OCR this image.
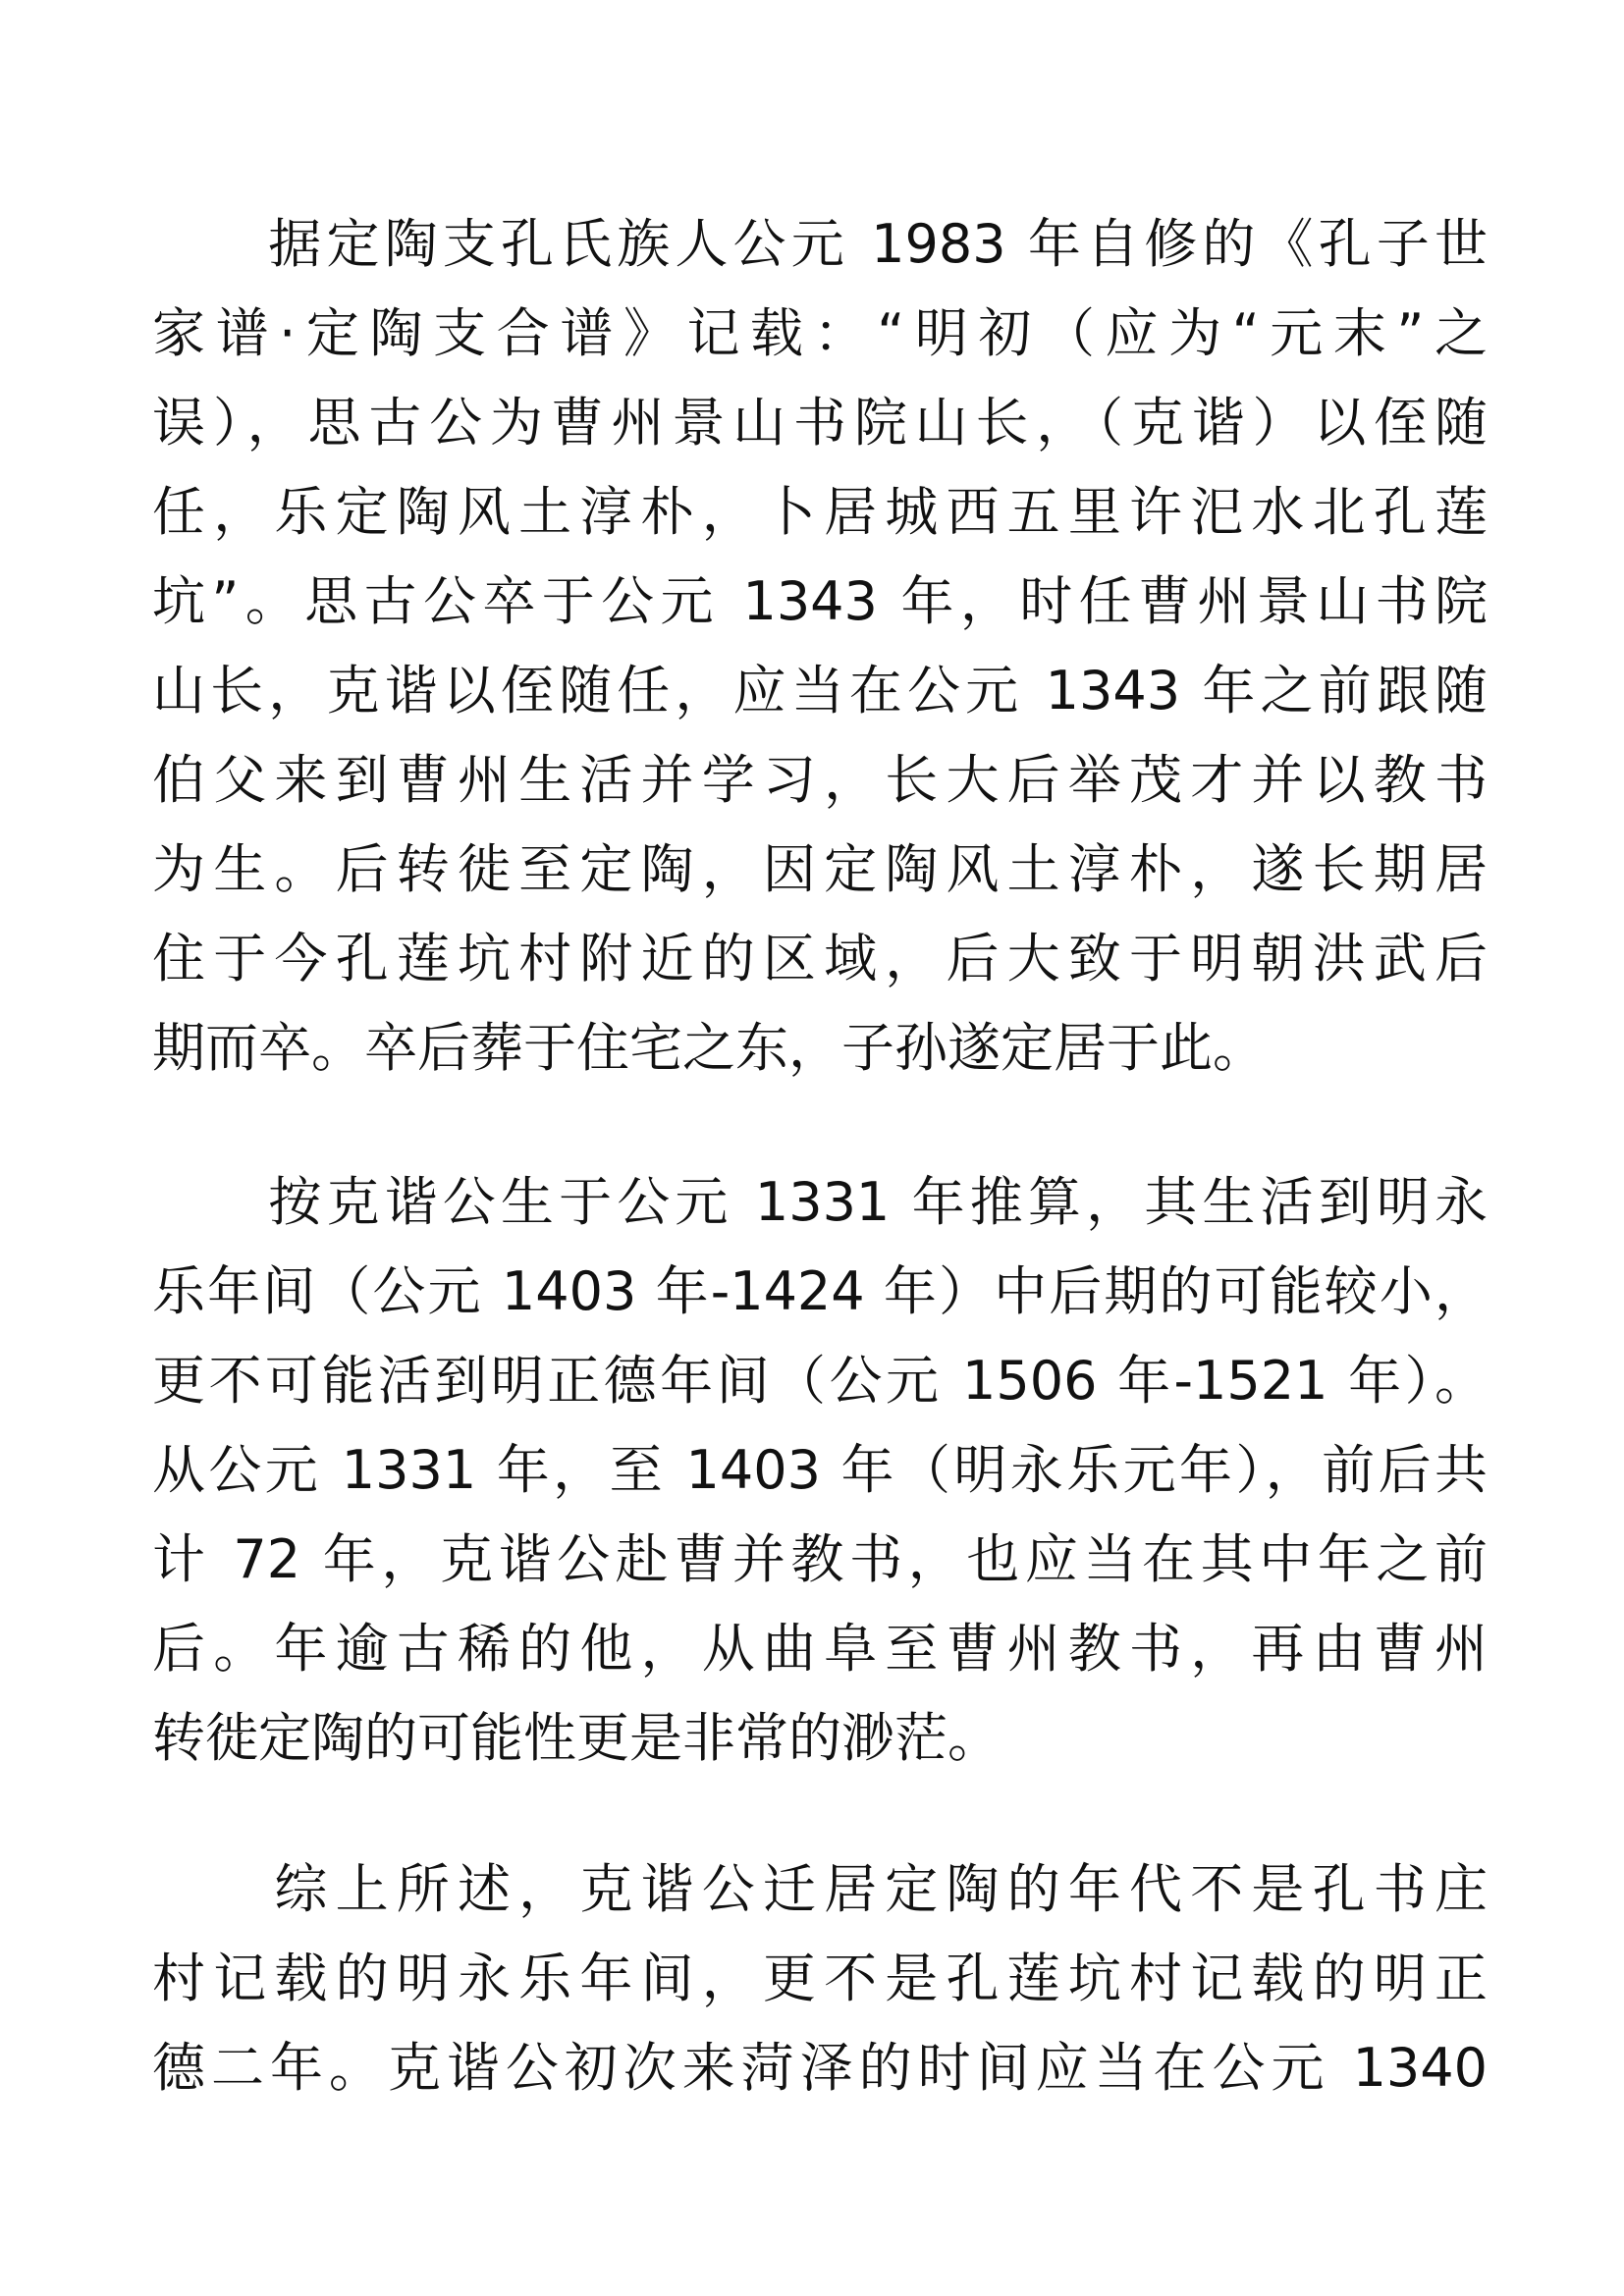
　　据定陶支孔氏族人公元 1983 年自修的《孔子世
家谱·定陶支合谱》记载：“明初（应为“元末”之
误），思古公为曹州景山书院山长，（克谐）以侄随
任，乐定陶风土淳朴，卜居城西五里许汜水北孔莲
坑”。思古公卒于公元 1343 年，时任曹州景山书院
山长，克谐以侄随任，应当在公元 1343 年之前跟随
伯父来到曹州生活并学习，长大后举茂才并以教书
为生。后转徙至定陶，因定陶风土淳朴，遂长期居
住于今孔莲坑村附近的区域，后大致于明朝洪武后
期而卒。卒后葬于住宅之东，子孙遂定居于此。
　　按克谐公生于公元 1331 年推算，其生活到明永
乐年间（公元 1403 年-1424 年）中后期的可能较小，
更不可能活到明正德年间（公元 1506 年-1521 年）。
从公元 1331 年，至 1403 年（明永乐元年），前后共
计 72 年，克谐公赴曹并教书，也应当在其中年之前
后。年逾古稀的他，从曲阜至曹州教书，再由曹州
转徙定陶的可能性更是非常的渺茫。
　　综上所述，克谐公迁居定陶的年代不是孔书庄
村记载的明永乐年间，更不是孔莲坑村记载的明正
德二年。克谐公初次来菏泽的时间应当在公元 1340
